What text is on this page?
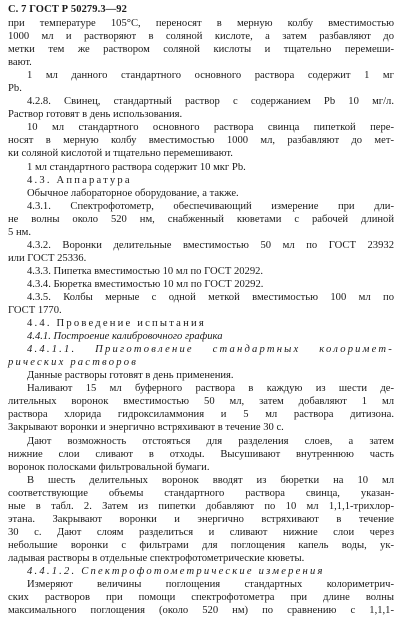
С. 7 ГОСТ Р 50279.3—92
при температуре 105°С, переносят в мерную колбу вместимостью
1000 мл и растворяют в соляной кислоте, а затем разбавляют до
метки тем же раствором соляной кислоты и тщательно перемеши-
вают.
1 мл данного стандартного основного раствора содержит 1 мг
Pb.
4.2.8. Свинец, стандартный раствор с содержанием Pb 10 мг/л.
Раствор готовят в день использования.
10 мл стандартного основного раствора свинца пипеткой пере-
носят в мерную колбу вместимостью 1000 мл, разбавляют до мет-
ки соляной кислотой и тщательно перемешивают.
1 мл стандартного раствора содержит 10 мкг Pb.
4.3. Аппаратура
Обычное лабораторное оборудование, а также.
4.3.1. Спектрофотометр, обеспечивающий измерение при дли-
не волны около 520 нм, снабженный кюветами с рабочей длиной
5 нм.
4.3.2. Воронки делительные вместимостью 50 мл по ГОСТ 23932
или ГОСТ 25336.
4.3.3. Пипетка вместимостью 10 мл по ГОСТ 20292.
4.3.4. Бюретка вместимостью 10 мл по ГОСТ 20292.
4.3.5. Колбы мерные с одной меткой вместимостью 100 мл по
ГОСТ 1770.
4.4. Проведение испытания
4.4.1. Построение калибровочного графика
4.4.1.1. Приготовление стандартных колоримет-
рических растворов
Данные растворы готовят в день применения.
Наливают 15 мл буферного раствора в каждую из шести де-
лительных воронок вместимостью 50 мл, затем добавляют 1 мл
раствора хлорида гидроксиламмония и 5 мл раствора дитизона.
Закрывают воронки и энергично встряхивают в течение 30 с.
Дают возможность отстояться для разделения слоев, а затем
нижние слои сливают в отходы. Высушивают внутреннюю часть
воронок полосками фильтровальной бумаги.
В шесть делительных воронок вводят из бюретки на 10 мл
соответствующие объемы стандартного раствора свинца, указан-
ные в табл. 2. Затем из пипетки добавляют по 10 мл 1,1,1-трихлор-
этана. Закрывают воронки и энергично встряхивают в течение
30 с. Дают слоям разделиться и сливают нижние слои через
небольшие воронки с фильтрами для поглощения капель воды, ук-
ладывая растворы в отдельные спектрофотометрические кюветы.
4.4.1.2. Спектрофотометрические измерения
Измеряют величины поглощения стандартных колориметрич-
ских растворов при помощи спектрофотометра при длине волны
максимального поглощения (около 520 нм) по сравнению с 1,1,1-
